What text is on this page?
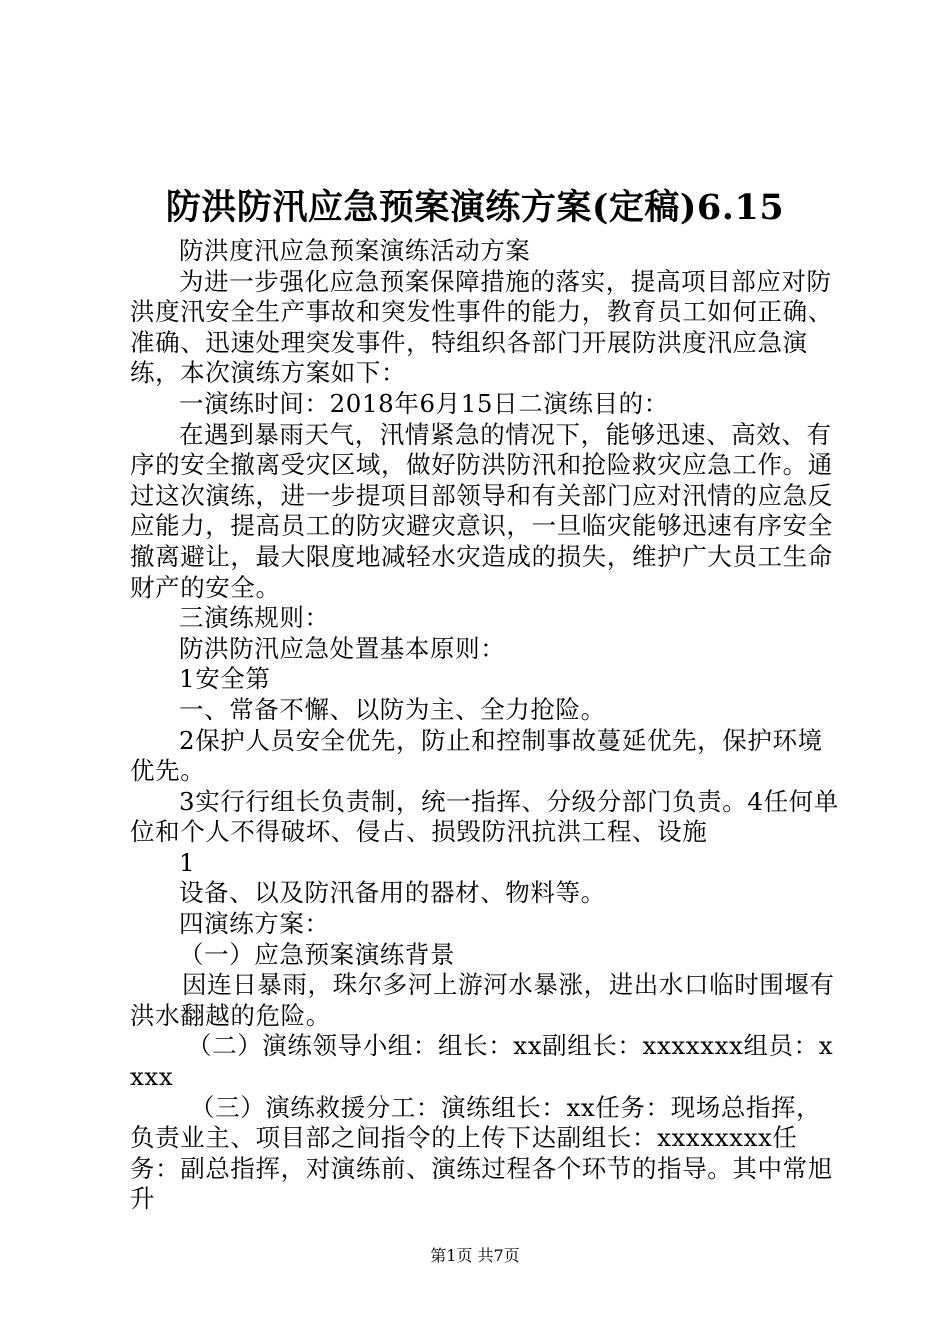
防洪防汛应急预案演练方案(定稿)6.15

防洪度汛应急预案演练活动方案

为进一步强化应急预案保障措施的落实，提高项目部应对防洪度汛安全生产事故和突发性事件的能力，教育员工如何正确、准确、迅速处理突发事件，特组织各部门开展防洪度汛应急演练，本次演练方案如下：

一演练时间：2018年6月15日二演练目的：

在遇到暴雨天气，汛情紧急的情况下，能够迅速、高效、有序的安全撤离受灾区域，做好防洪防汛和抢险救灾应急工作。通过这次演练，进一步提项目部领导和有关部门应对汛情的应急反应能力，提高员工的防灾避灾意识，一旦临灾能够迅速有序安全撤离避让，最大限度地减轻水灾造成的损失，维护广大员工生命财产的安全。

三演练规则：

防洪防汛应急处置基本原则：

1安全第

一、常备不懈、以防为主、全力抢险。

2保护人员安全优先，防止和控制事故蔓延优先，保护环境优先。

3实行行组长负责制，统一指挥、分级分部门负责。4任何单位和个人不得破坏、侵占、损毁防汛抗洪工程、设施

1

设备、以及防汛备用的器材、物料等。

四演练方案：

（一）应急预案演练背景

因连日暴雨，珠尔多河上游河水暴涨，进出水口临时围堰有洪水翻越的危险。

（二）演练领导小组：组长：xx副组长：xxxxxxx组员：xxxx

（三）演练救援分工：演练组长：xx任务：现场总指挥，负责业主、项目部之间指令的上传下达副组长：xxxxxxxx任务：副总指挥，对演练前、演练过程各个环节的指导。其中常旭升

第1页 共7页
